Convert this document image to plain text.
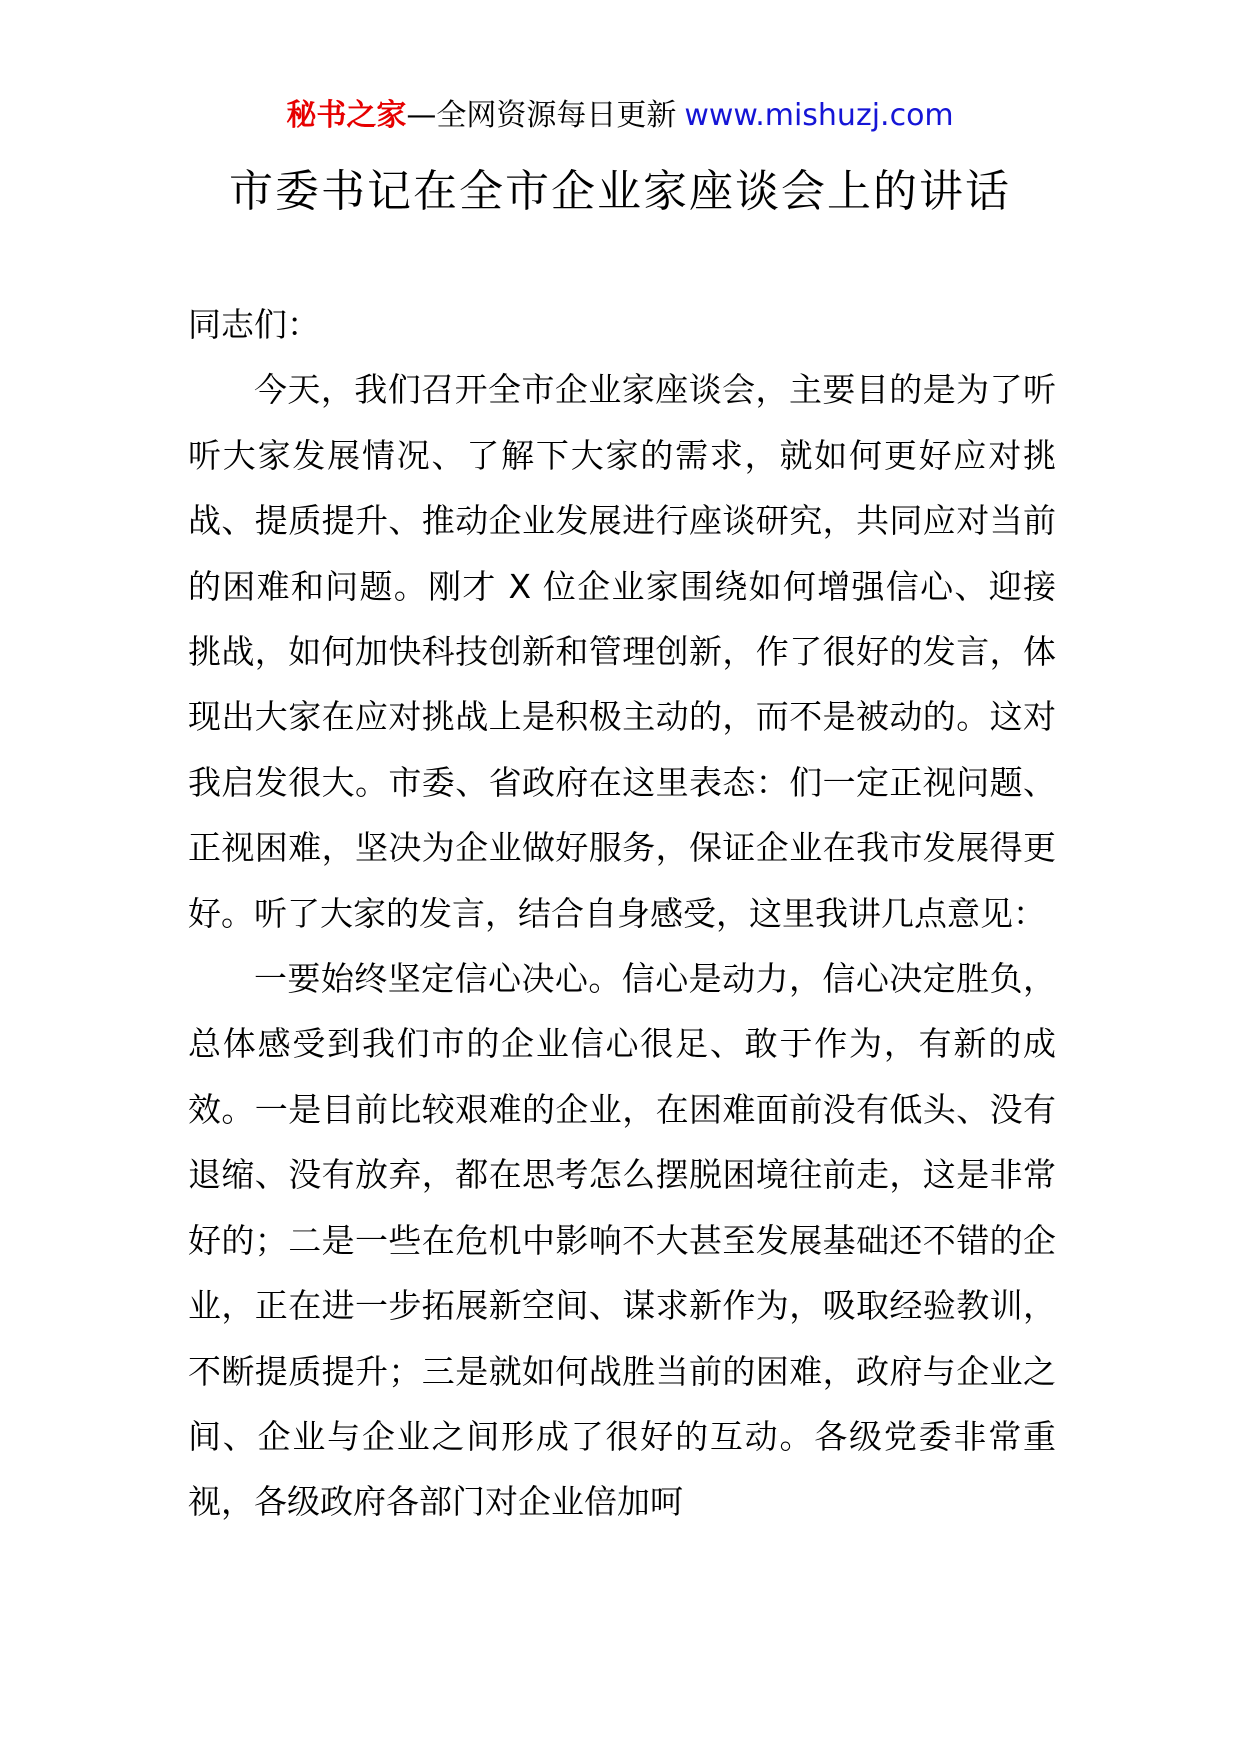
秘书之家—全网资源每日更新 www.mishuzj.com
市委书记在全市企业家座谈会上的讲话

同志们：

今天，我们召开全市企业家座谈会，主要目的是为了听听大家发展情况、了解下大家的需求，就如何更好应对挑战、提质提升、推动企业发展进行座谈研究，共同应对当前的困难和问题。刚才 X 位企业家围绕如何增强信心、迎接挑战，如何加快科技创新和管理创新，作了很好的发言，体现出大家在应对挑战上是积极主动的，而不是被动的。这对我启发很大。市委、省政府在这里表态：们一定正视问题、正视困难，坚决为企业做好服务，保证企业在我市发展得更好。听了大家的发言，结合自身感受，这里我讲几点意见：

一要始终坚定信心决心。信心是动力，信心决定胜负，总体感受到我们市的企业信心很足、敢于作为，有新的成效。一是目前比较艰难的企业，在困难面前没有低头、没有退缩、没有放弃，都在思考怎么摆脱困境往前走，这是非常好的；二是一些在危机中影响不大甚至发展基础还不错的企业，正在进一步拓展新空间、谋求新作为，吸取经验教训，不断提质提升；三是就如何战胜当前的困难，政府与企业之间、企业与企业之间形成了很好的互动。各级党委非常重视，各级政府各部门对企业倍加呵
